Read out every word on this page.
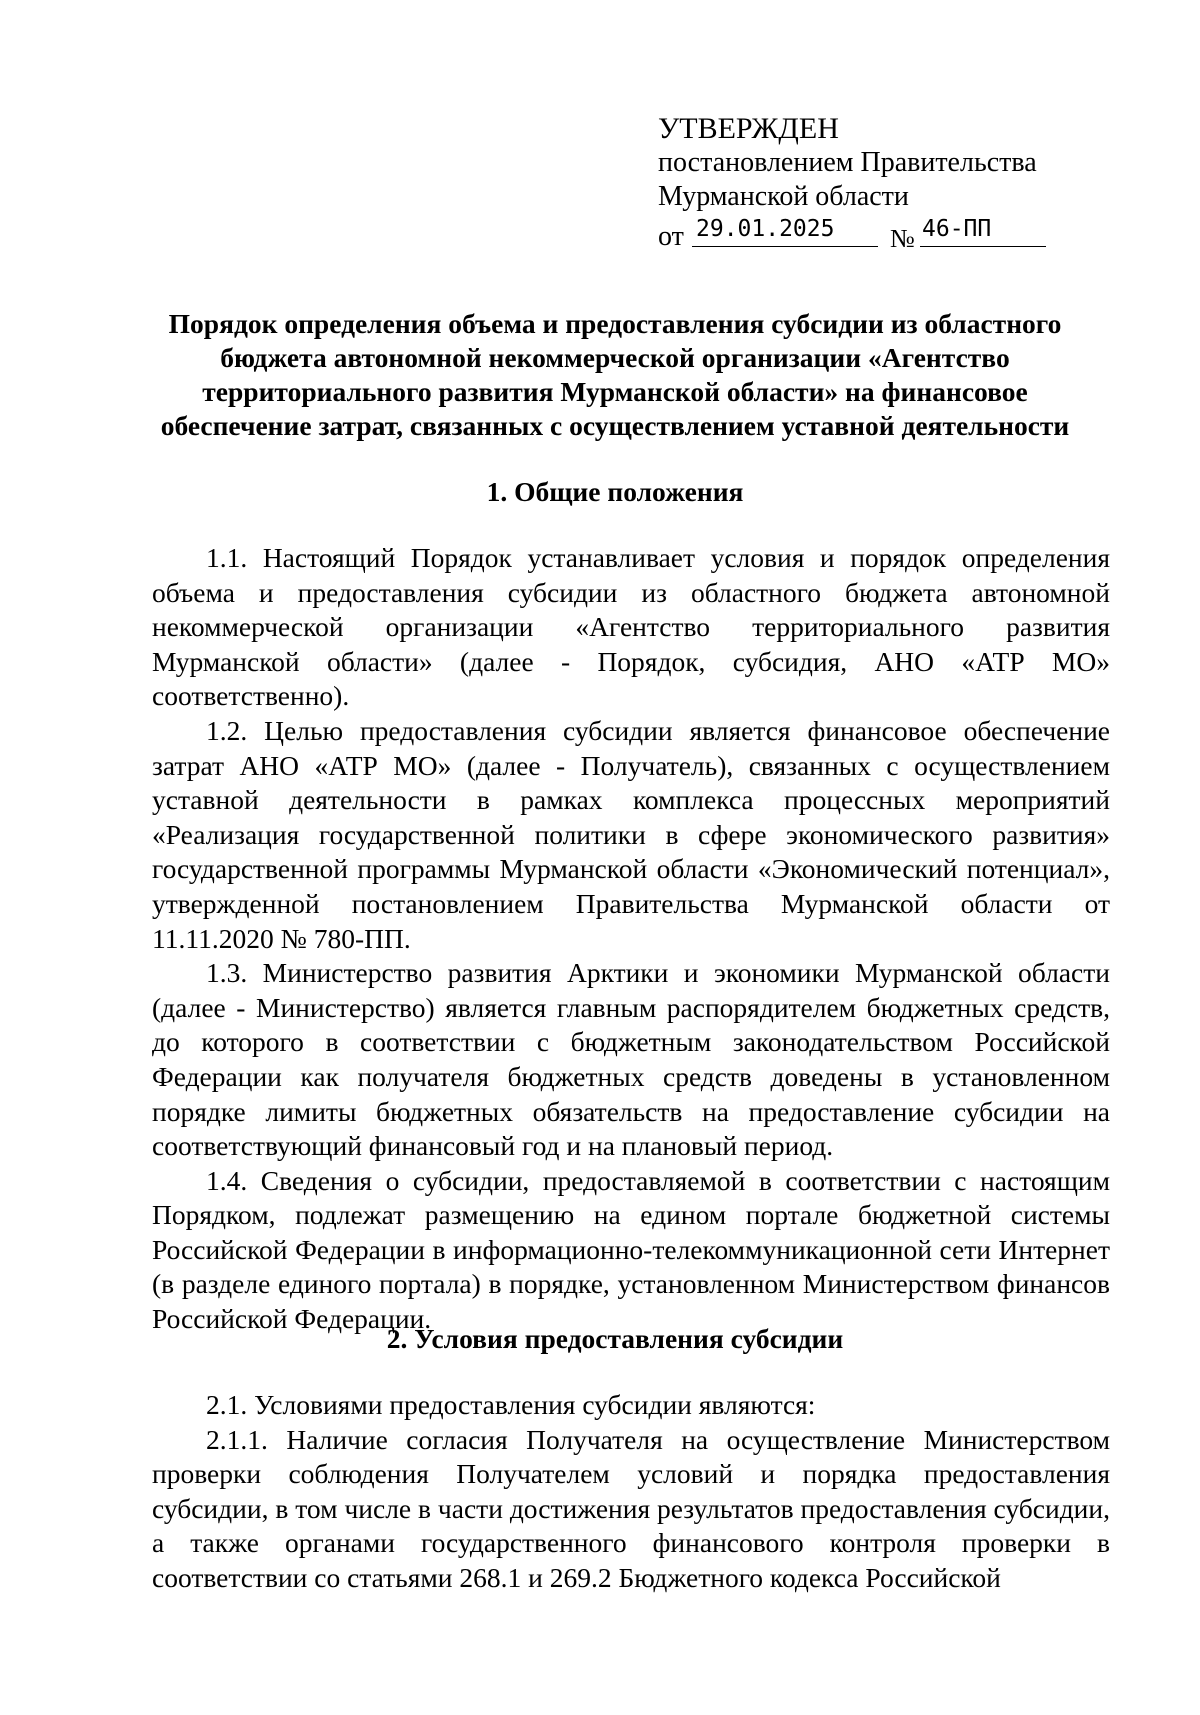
УТВЕРЖДЕН
постановлением Правительства
Мурманской области
от 29.01.2025	№ 46-ПП
Порядок определения объема и предоставления субсидии из областного
бюджета автономной некоммерческой организации «Агентство
территориального развития Мурманской области» на финансовое
обеспечение затрат, связанных с осуществлением уставной деятельности
1. Общие положения

1.1. Настоящий Порядок устанавливает условия и порядок определения объема и предоставления субсидии из областного бюджета автономной некоммерческой организации «Агентство территориального развития Мурманской области» (далее - Порядок, субсидия, АНО «АТР МО» соответственно).

1.2. Целью предоставления субсидии является финансовое обеспечение затрат АНО «АТР МО» (далее - Получатель), связанных с осуществлением уставной деятельности в рамках комплекса процессных мероприятий «Реализация государственной политики в сфере экономического развития» государственной программы Мурманской области «Экономический потенциал», утвержденной постановлением Правительства Мурманской области от 11.11.2020 № 780-ПП.

1.3. Министерство развития Арктики и экономики Мурманской области (далее - Министерство) является главным распорядителем бюджетных средств, до которого в соответствии с бюджетным законодательством Российской Федерации как получателя бюджетных средств доведены в установленном порядке лимиты бюджетных обязательств на предоставление субсидии на соответствующий финансовый год и на плановый период.

1.4. Сведения о субсидии, предоставляемой в соответствии с настоящим Порядком, подлежат размещению на едином портале бюджетной системы Российской Федерации в информационно-телекоммуникационной сети Интернет (в разделе единого портала) в порядке, установленном Министерством финансов Российской Федерации.

2. Условия предоставления субсидии

2.1. Условиями предоставления субсидии являются:

2.1.1. Наличие согласия Получателя на осуществление Министерством проверки соблюдения Получателем условий и порядка предоставления субсидии, в том числе в части достижения результатов предоставления субсидии, а также органами государственного финансового контроля проверки в соответствии со статьями 268.1 и 269.2 Бюджетного кодекса Российской
